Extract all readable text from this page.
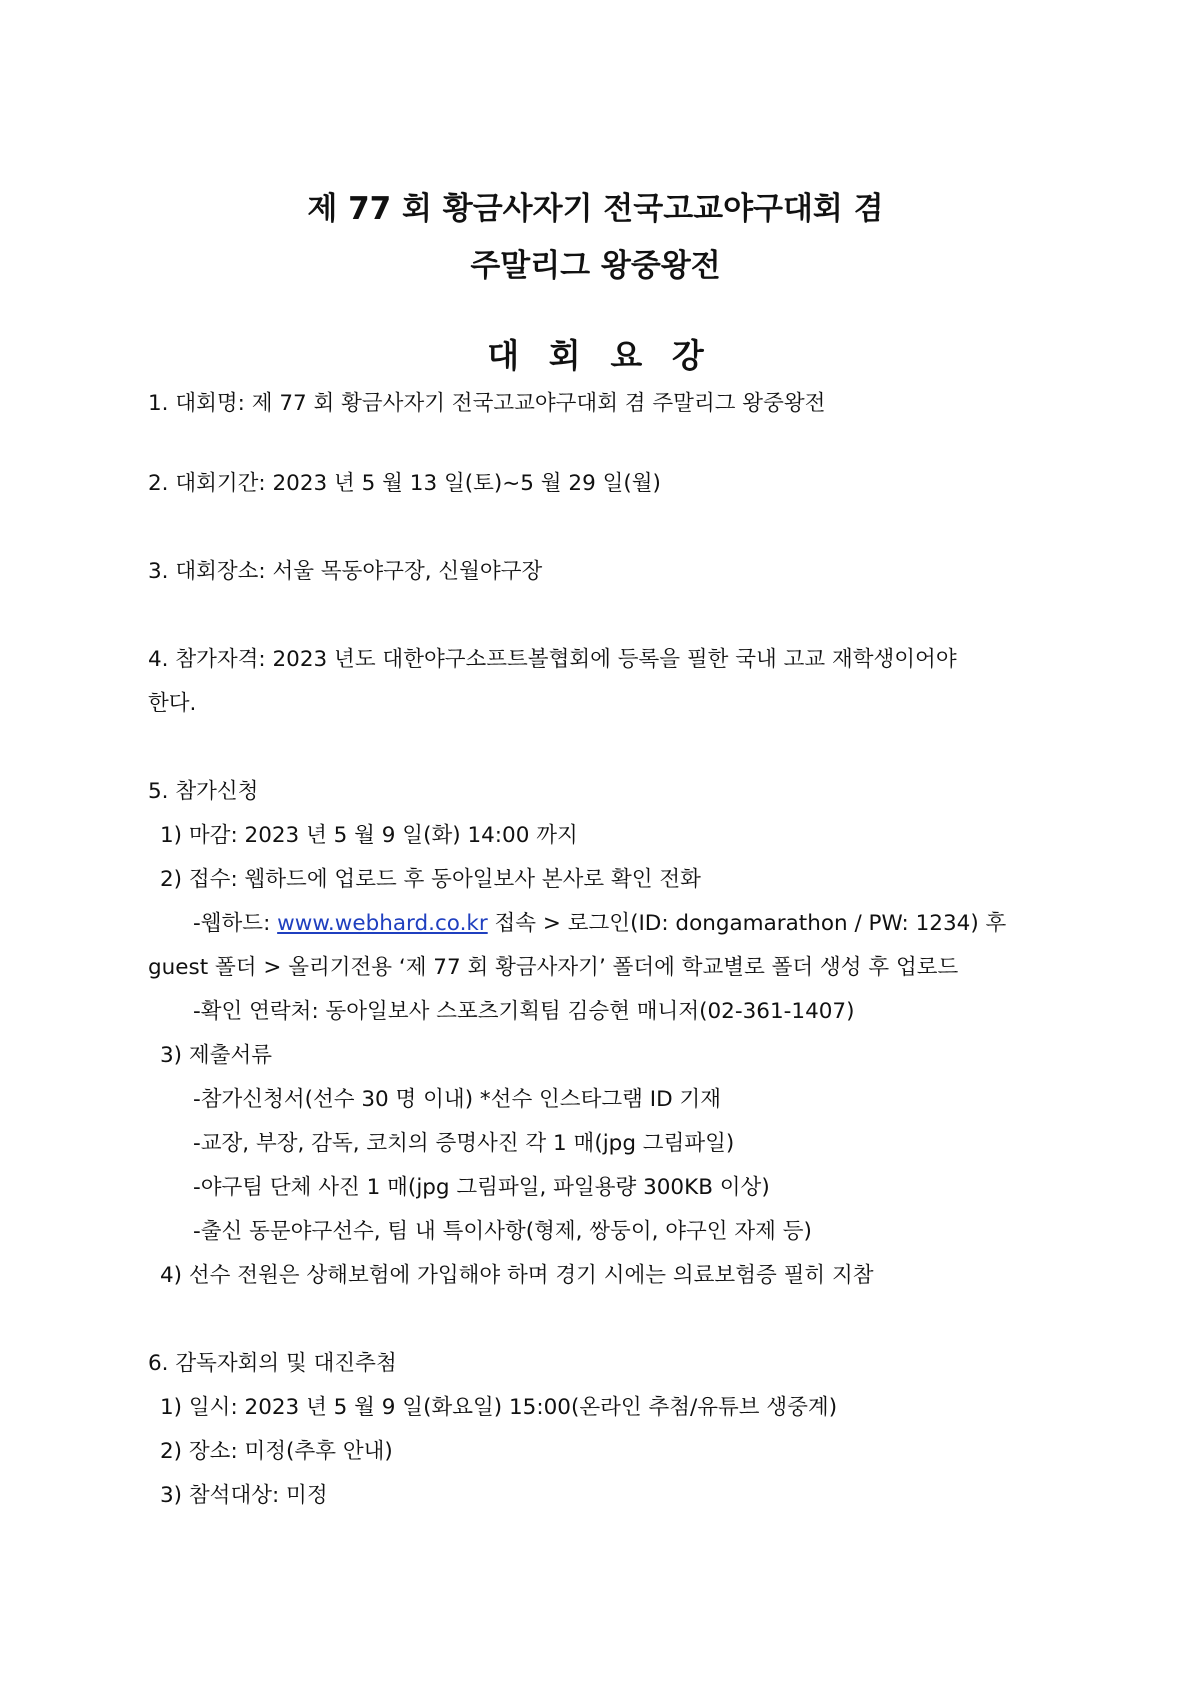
제 77 회 황금사자기 전국고교야구대회 겸
주말리그 왕중왕전
대회요강
1. 대회명: 제 77 회 황금사자기 전국고교야구대회 겸 주말리그 왕중왕전
2. 대회기간: 2023 년 5 월 13 일(토)~5 월 29 일(월)
3. 대회장소: 서울 목동야구장, 신월야구장
4. 참가자격: 2023 년도 대한야구소프트볼협회에 등록을 필한 국내 고교 재학생이어야
한다.
5. 참가신청
1) 마감: 2023 년 5 월 9 일(화) 14:00 까지
2) 접수: 웹하드에 업로드 후 동아일보사 본사로 확인 전화
-웹하드: www.webhard.co.kr 접속 > 로그인(ID: dongamarathon / PW: 1234) 후
guest 폴더 > 올리기전용 ‘제 77 회 황금사자기’ 폴더에 학교별로 폴더 생성 후 업로드
-확인 연락처: 동아일보사 스포츠기획팀 김승현 매니저(02-361-1407)
3) 제출서류
-참가신청서(선수 30 명 이내) *선수 인스타그램 ID 기재
-교장, 부장, 감독, 코치의 증명사진 각 1 매(jpg 그림파일)
-야구팀 단체 사진 1 매(jpg 그림파일, 파일용량 300KB 이상)
-출신 동문야구선수, 팀 내 특이사항(형제, 쌍둥이, 야구인 자제 등)
4) 선수 전원은 상해보험에 가입해야 하며 경기 시에는 의료보험증 필히 지참
6. 감독자회의 및 대진추첨
1) 일시: 2023 년 5 월 9 일(화요일) 15:00(온라인 추첨/유튜브 생중계)
2) 장소: 미정(추후 안내)
3) 참석대상: 미정
